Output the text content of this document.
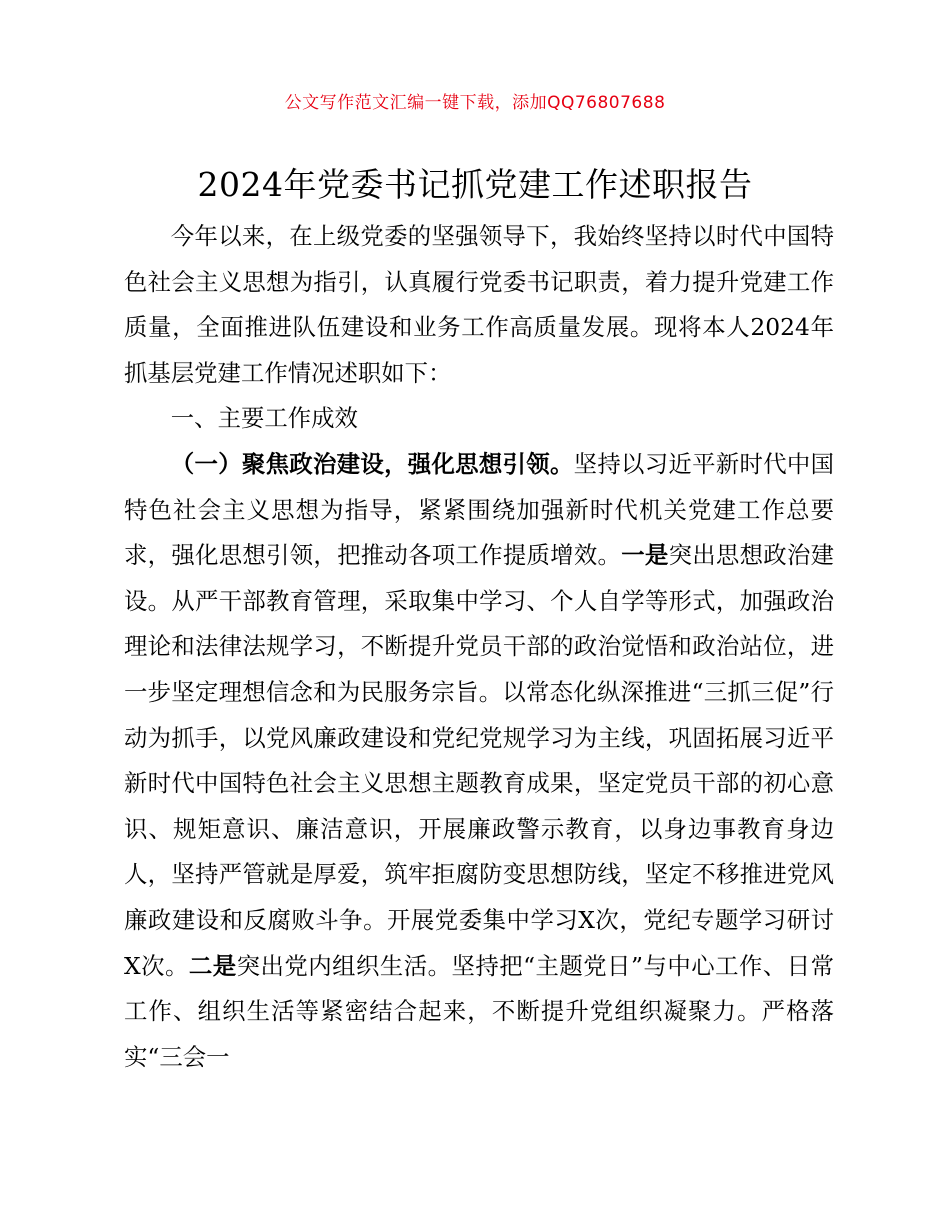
公文写作范文汇编一键下载，添加QQ76807688
2024年党委书记抓党建工作述职报告

今年以来，在上级党委的坚强领导下，我始终坚持以时代中国特色社会主义思想为指引，认真履行党委书记职责，着力提升党建工作质量，全面推进队伍建设和业务工作高质量发展。现将本人2024年抓基层党建工作情况述职如下：

一、主要工作成效

（一）聚焦政治建设，强化思想引领。坚持以习近平新时代中国特色社会主义思想为指导，紧紧围绕加强新时代机关党建工作总要求，强化思想引领，把推动各项工作提质增效。一是突出思想政治建设。从严干部教育管理，采取集中学习、个人自学等形式，加强政治理论和法律法规学习，不断提升党员干部的政治觉悟和政治站位，进一步坚定理想信念和为民服务宗旨。以常态化纵深推进“三抓三促”行动为抓手，以党风廉政建设和党纪党规学习为主线，巩固拓展习近平新时代中国特色社会主义思想主题教育成果，坚定党员干部的初心意识、规矩意识、廉洁意识，开展廉政警示教育，以身边事教育身边人，坚持严管就是厚爱，筑牢拒腐防变思想防线，坚定不移推进党风廉政建设和反腐败斗争。开展党委集中学习X次，党纪专题学习研讨X次。二是突出党内组织生活。坚持把“主题党日”与中心工作、日常工作、组织生活等紧密结合起来，不断提升党组织凝聚力。严格落实“三会一
